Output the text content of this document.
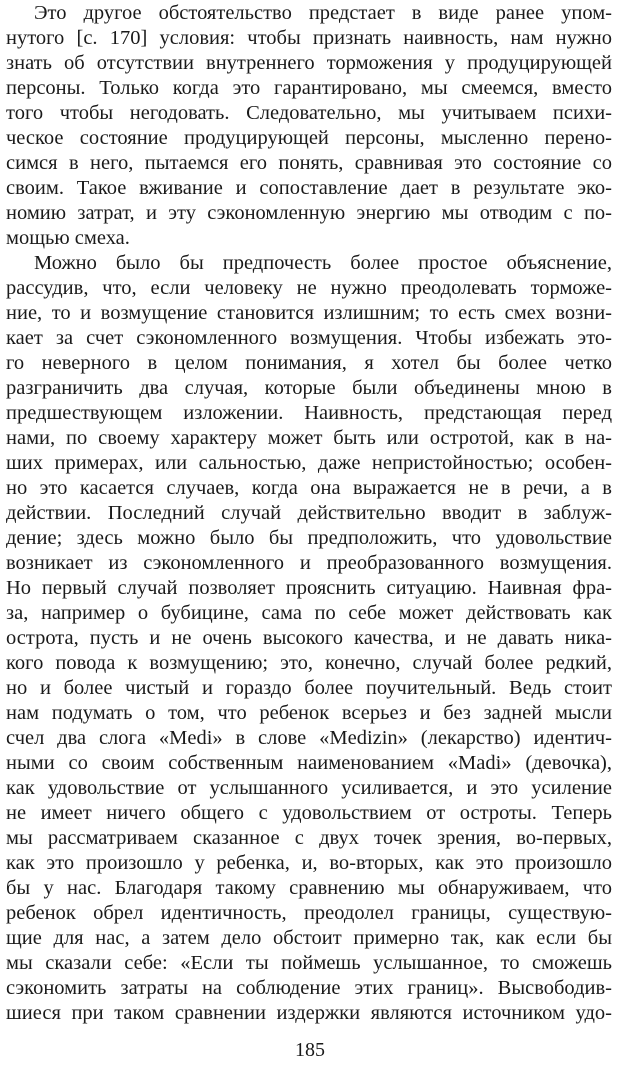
Это другое обстоятельство предстает в виде ранее упом-
нутого [с. 170] условия: чтобы признать наивность, нам нужно
знать об отсутствии внутреннего торможения у продуцирующей
персоны. Только когда это гарантировано, мы смеемся, вместо
того чтобы негодовать. Следовательно, мы учитываем психи-
ческое состояние продуцирующей персоны, мысленно перено-
симся в него, пытаемся его понять, сравнивая это состояние со
своим. Такое вживание и сопоставление дает в результате эко-
номию затрат, и эту сэкономленную энергию мы отводим с по-
мощью смеха.
Можно было бы предпочесть более простое объяснение,
рассудив, что, если человеку не нужно преодолевать торможе-
ние, то и возмущение становится излишним; то есть смех возни-
кает за счет сэкономленного возмущения. Чтобы избежать это-
го неверного в целом понимания, я хотел бы более четко
разграничить два случая, которые были объединены мною в
предшествующем изложении. Наивность, предстающая перед
нами, по своему характеру может быть или остротой, как в на-
ших примерах, или сальностью, даже непристойностью; особен-
но это касается случаев, когда она выражается не в речи, а в
действии. Последний случай действительно вводит в заблуж-
дение; здесь можно было бы предположить, что удовольствие
возникает из сэкономленного и преобразованного возмущения.
Но первый случай позволяет прояснить ситуацию. Наивная фра-
за, например о бубицине, сама по себе может действовать как
острота, пусть и не очень высокого качества, и не давать ника-
кого повода к возмущению; это, конечно, случай более редкий,
но и более чистый и гораздо более поучительный. Ведь стоит
нам подумать о том, что ребенок всерьез и без задней мысли
счел два слога «Medi» в слове «Medizin» (лекарство) идентич-
ными со своим собственным наименованием «Madi» (девочка),
как удовольствие от услышанного усиливается, и это усиление
не имеет ничего общего с удовольствием от остроты. Теперь
мы рассматриваем сказанное с двух точек зрения, во-первых,
как это произошло у ребенка, и, во-вторых, как это произошло
бы у нас. Благодаря такому сравнению мы обнаруживаем, что
ребенок обрел идентичность, преодолел границы, существую-
щие для нас, а затем дело обстоит примерно так, как если бы
мы сказали себе: «Если ты поймешь услышанное, то сможешь
сэкономить затраты на соблюдение этих границ». Высвободив-
шиеся при таком сравнении издержки являются источником удо-
185
